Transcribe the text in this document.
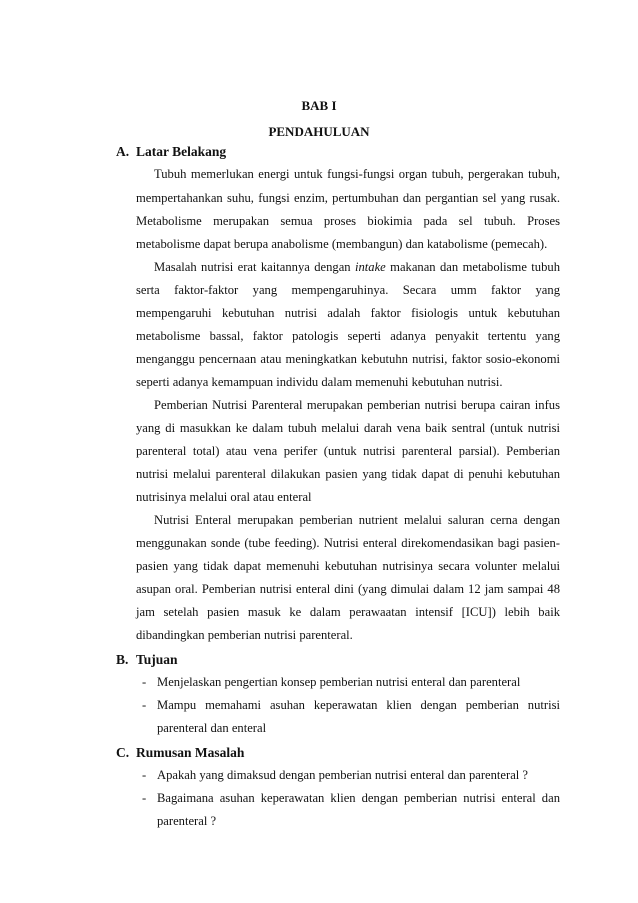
BAB I
PENDAHULUAN
A. Latar Belakang
Tubuh memerlukan energi untuk fungsi-fungsi organ tubuh, pergerakan tubuh,
mempertahankan suhu, fungsi enzim, pertumbuhan dan pergantian sel yang rusak.
Metabolisme merupakan semua proses biokimia pada sel tubuh. Proses
metabolisme dapat berupa anabolisme (membangun) dan katabolisme (pemecah).
Masalah nutrisi erat kaitannya dengan intake makanan dan metabolisme tubuh
serta faktor-faktor yang mempengaruhinya. Secara umm faktor yang
mempengaruhi kebutuhan nutrisi adalah faktor fisiologis untuk kebutuhan
metabolisme bassal, faktor patologis seperti adanya penyakit tertentu yang
menganggu pencernaan atau meningkatkan kebutuhn nutrisi, faktor sosio-ekonomi
seperti adanya kemampuan individu dalam memenuhi kebutuhan nutrisi.
Pemberian Nutrisi Parenteral merupakan pemberian nutrisi berupa cairan infus
yang di masukkan ke dalam tubuh melalui darah vena baik sentral (untuk nutrisi
parenteral total) atau vena perifer (untuk nutrisi parenteral parsial). Pemberian
nutrisi melalui parenteral dilakukan pasien yang tidak dapat di penuhi kebutuhan
nutrisinya melalui oral atau enteral
Nutrisi Enteral merupakan pemberian nutrient melalui saluran cerna dengan
menggunakan sonde (tube feeding). Nutrisi enteral direkomendasikan bagi pasien-
pasien yang tidak dapat memenuhi kebutuhan nutrisinya secara volunter melalui
asupan oral. Pemberian nutrisi enteral dini (yang dimulai dalam 12 jam sampai 48
jam setelah pasien masuk ke dalam perawaatan intensif [ICU]) lebih baik
dibandingkan pemberian nutrisi parenteral.
B. Tujuan
- Menjelaskan pengertian konsep pemberian nutrisi enteral dan parenteral
- Mampu memahami asuhan keperawatan klien dengan pemberian nutrisi
parenteral dan enteral
C. Rumusan Masalah
- Apakah yang dimaksud dengan pemberian nutrisi enteral dan parenteral ?
- Bagaimana asuhan keperawatan klien dengan pemberian nutrisi enteral dan
parenteral ?
